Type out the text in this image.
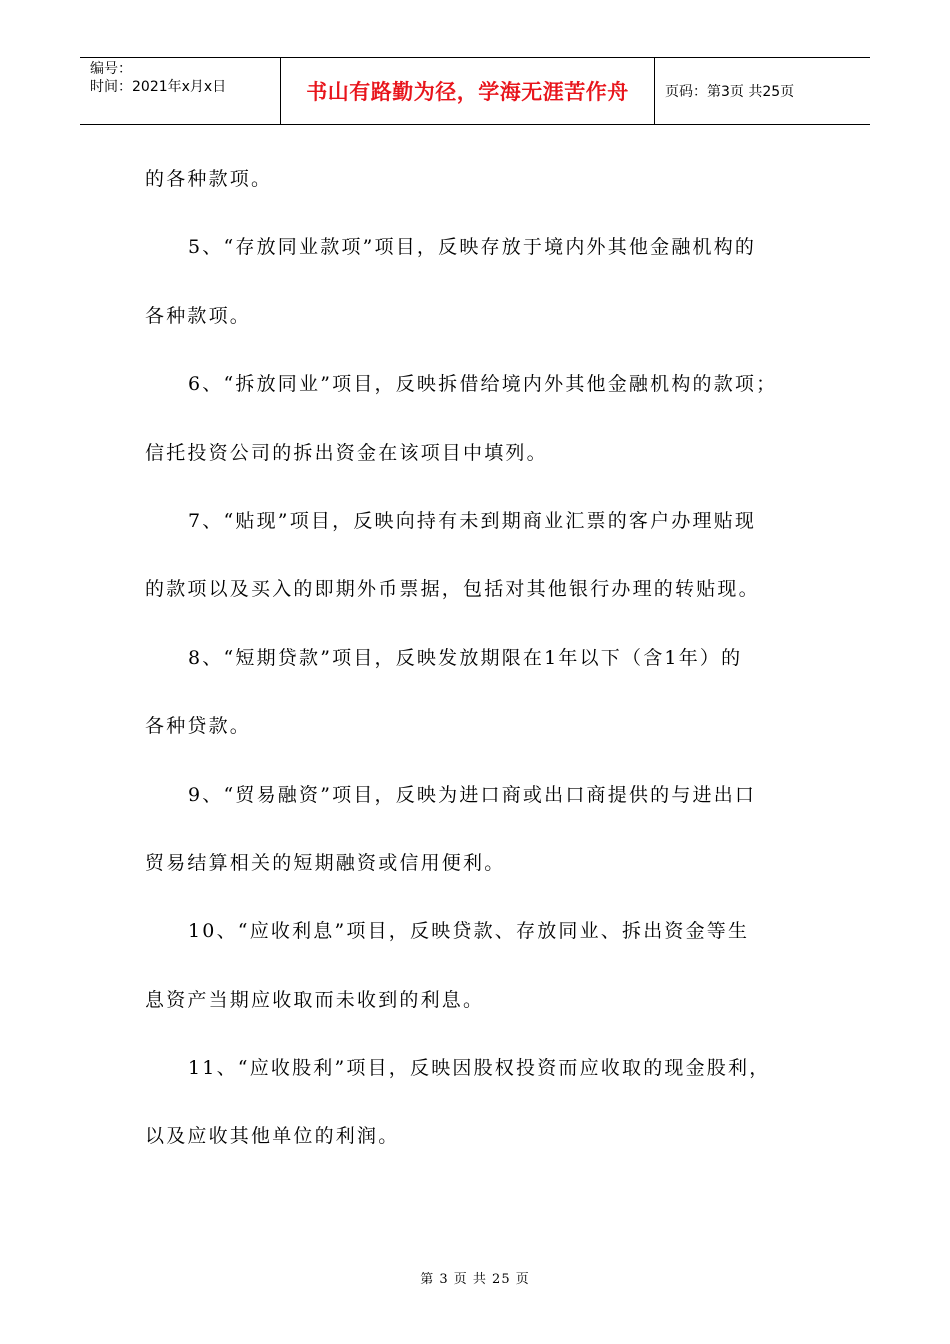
编号：
时间：2021年x月x日	书山有路勤为径，学海无涯苦作舟	页码：第3页 共25页
的各种款项。
5、“存放同业款项”项目，反映存放于境内外其他金融机构的
各种款项。
6、“拆放同业”项目，反映拆借给境内外其他金融机构的款项；
信托投资公司的拆出资金在该项目中填列。
7、“贴现”项目，反映向持有未到期商业汇票的客户办理贴现
的款项以及买入的即期外币票据，包括对其他银行办理的转贴现。
8、“短期贷款”项目，反映发放期限在1年以下（含1年）的
各种贷款。
9、“贸易融资”项目，反映为进口商或出口商提供的与进出口
贸易结算相关的短期融资或信用便利。
10、“应收利息”项目，反映贷款、存放同业、拆出资金等生
息资产当期应收取而未收到的利息。
11、“应收股利”项目，反映因股权投资而应收取的现金股利，
以及应收其他单位的利润。
第 3 页 共 25 页
